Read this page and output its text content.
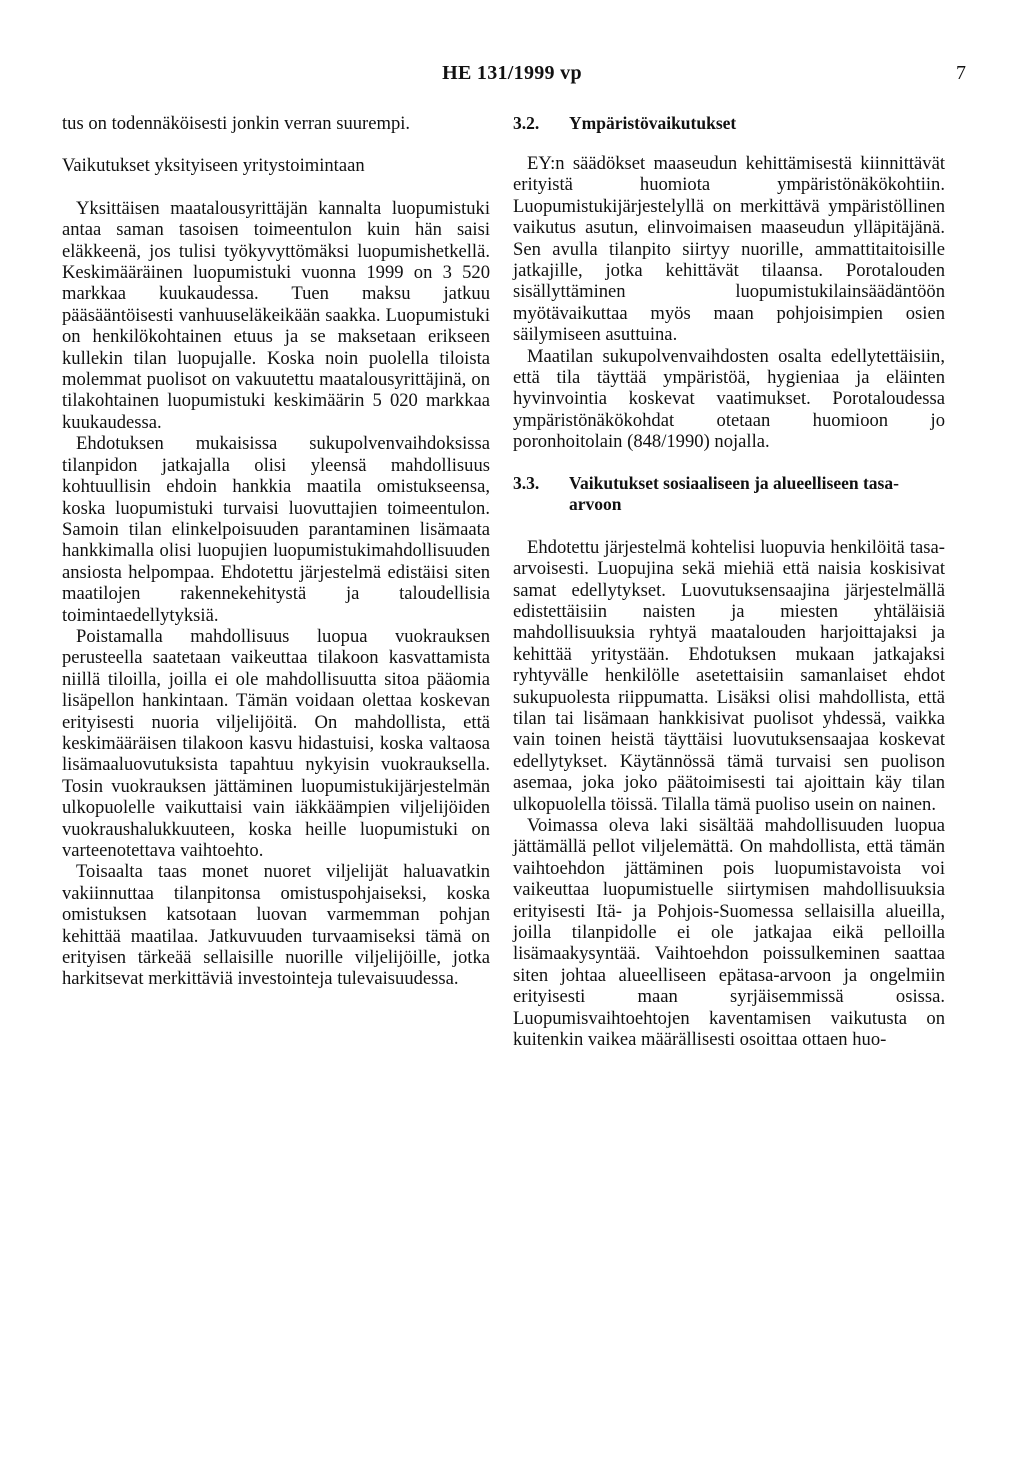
HE 131/1999 vp	7

tus on todennäköisesti jonkin verran suurempi.

Vaikutukset yksityiseen yritystoimintaan

Yksittäisen maatalousyrittäjän kannalta luopumistuki antaa saman tasoisen toimeentulon kuin hän saisi eläkkeenä, jos tulisi työkyvyttömäksi luopumishetkellä. Keskimääräinen luopumistuki vuonna 1999 on 3 520 markkaa kuukaudessa. Tuen maksu jatkuu pääsääntöisesti vanhuuseläkeikään saakka. Luopumistuki on henkilökohtainen etuus ja se maksetaan erikseen kullekin tilan luopujalle. Koska noin puolella tiloista molemmat puolisot on vakuutettu maatalousyrittäjinä, on tilakohtainen luopumistuki keskimäärin 5 020 markkaa kuukaudessa.

Ehdotuksen mukaisissa sukupolvenvaihdoksissa tilanpidon jatkajalla olisi yleensä mahdollisuus kohtuullisin ehdoin hankkia maatila omistukseensa, koska luopumistuki turvaisi luovuttajien toimeentulon. Samoin tilan elinkelpoisuuden parantaminen lisämaata hankkimalla olisi luopujien luopumistukimahdollisuuden ansiosta helpompaa. Ehdotettu järjestelmä edistäisi siten maatilojen rakennekehitystä ja taloudellisia toimintaedellytyksiä.

Poistamalla mahdollisuus luopua vuokrauksen perusteella saatetaan vaikeuttaa tilakoon kasvattamista niillä tiloilla, joilla ei ole mahdollisuutta sitoa pääomia lisäpellon hankintaan. Tämän voidaan olettaa koskevan erityisesti nuoria viljelijöitä. On mahdollista, että keskimääräisen tilakoon kasvu hidastuisi, koska valtaosa lisämaaluovutuksista tapahtuu nykyisin vuokrauksella. Tosin vuokrauksen jättäminen luopumistukijärjestelmän ulkopuolelle vaikuttaisi vain iäkkäämpien viljelijöiden vuokraushalukkuuteen, koska heille luopumistuki on varteenotettava vaihtoehto.

Toisaalta taas monet nuoret viljelijät haluavatkin vakiinnuttaa tilanpitonsa omistuspohjaiseksi, koska omistuksen katsotaan luovan varmemman pohjan kehittää maatilaa. Jatkuvuuden turvaamiseksi tämä on erityisen tärkeää sellaisille nuorille viljelijöille, jotka harkitsevat merkittäviä investointeja tulevaisuudessa.

3.2.	Ympäristövaikutukset

EY:n säädökset maaseudun kehittämisestä kiinnittävät erityistä huomiota ympäristönäkökohtiin. Luopumistukijärjestelyllä on merkittävä ympäristöllinen vaikutus asutun, elinvoimaisen maaseudun ylläpitäjänä. Sen avulla tilanpito siirtyy nuorille, ammattitaitoisille jatkajille, jotka kehittävät tilaansa. Porotalouden sisällyttäminen luopumistukilainsäädäntöön myötävaikuttaa myös maan pohjoisimpien osien säilymiseen asuttuina.

Maatilan sukupolvenvaihdosten osalta edellytettäisiin, että tila täyttää ympäristöä, hygieniaa ja eläinten hyvinvointia koskevat vaatimukset. Porotaloudessa ympäristönäkökohdat otetaan huomioon jo poronhoitolain (848/1990) nojalla.

3.3.	Vaikutukset sosiaaliseen ja alueelliseen tasa-arvoon

Ehdotettu järjestelmä kohtelisi luopuvia henkilöitä tasa-arvoisesti. Luopujina sekä miehiä että naisia koskisivat samat edellytykset. Luovutuksensaajina järjestelmällä edistettäisiin naisten ja miesten yhtäläisiä mahdollisuuksia ryhtyä maatalouden harjoittajaksi ja kehittää yritystään. Ehdotuksen mukaan jatkajaksi ryhtyvälle henkilölle asetettaisiin samanlaiset ehdot sukupuolesta riippumatta. Lisäksi olisi mahdollista, että tilan tai lisämaan hankkisivat puolisot yhdessä, vaikka vain toinen heistä täyttäisi luovutuksensaajaa koskevat edellytykset. Käytännössä tämä turvaisi sen puolison asemaa, joka joko päätoimisesti tai ajoittain käy tilan ulkopuolella töissä. Tilalla tämä puoliso usein on nainen.

Voimassa oleva laki sisältää mahdollisuuden luopua jättämällä pellot viljelemättä. On mahdollista, että tämän vaihtoehdon jättäminen pois luopumistavoista voi vaikeuttaa luopumistuelle siirtymisen mahdollisuuksia erityisesti Itä- ja Pohjois-Suomessa sellaisilla alueilla, joilla tilanpidolle ei ole jatkajaa eikä pelloilla lisämaakysyntää. Vaihtoehdon poissulkeminen saattaa siten johtaa alueelliseen epätasa-arvoon ja ongelmiin erityisesti maan syrjäisemmissä osissa. Luopumisvaihtoehtojen kaventamisen vaikutusta on kuitenkin vaikea määrällisesti osoittaa ottaen huo-
